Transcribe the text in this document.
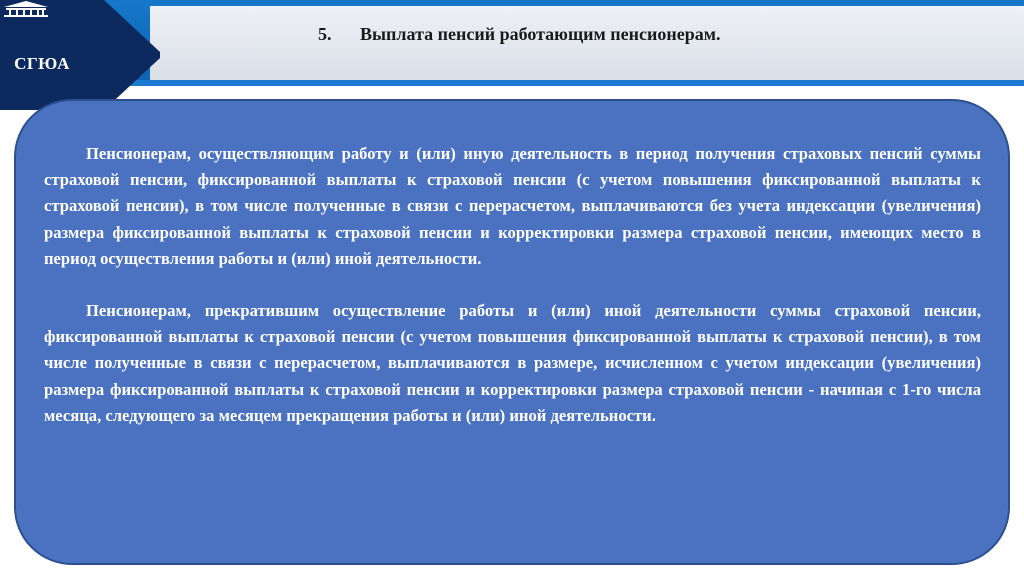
СГЮА
5. Выплата пенсий работающим пенсионерам.

Пенсионерам, осуществляющим работу и (или) иную деятельность в период получения страховых пенсий суммы страховой пенсии, фиксированной выплаты к страховой пенсии (с учетом повышения фиксированной выплаты к страховой пенсии), в том числе полученные в связи с перерасчетом, выплачиваются без учета индексации (увеличения) размера фиксированной выплаты к страховой пенсии и корректировки размера страховой пенсии, имеющих место в период осуществления работы и (или) иной деятельности.

Пенсионерам, прекратившим осуществление работы и (или) иной деятельности суммы страховой пенсии, фиксированной выплаты к страховой пенсии (с учетом повышения фиксированной выплаты к страховой пенсии), в том числе полученные в связи с перерасчетом, выплачиваются в размере, исчисленном с учетом индексации (увеличения) размера фиксированной выплаты к страховой пенсии и корректировки размера страховой пенсии - начиная с 1-го числа месяца, следующего за месяцем прекращения работы и (или) иной деятельности.
